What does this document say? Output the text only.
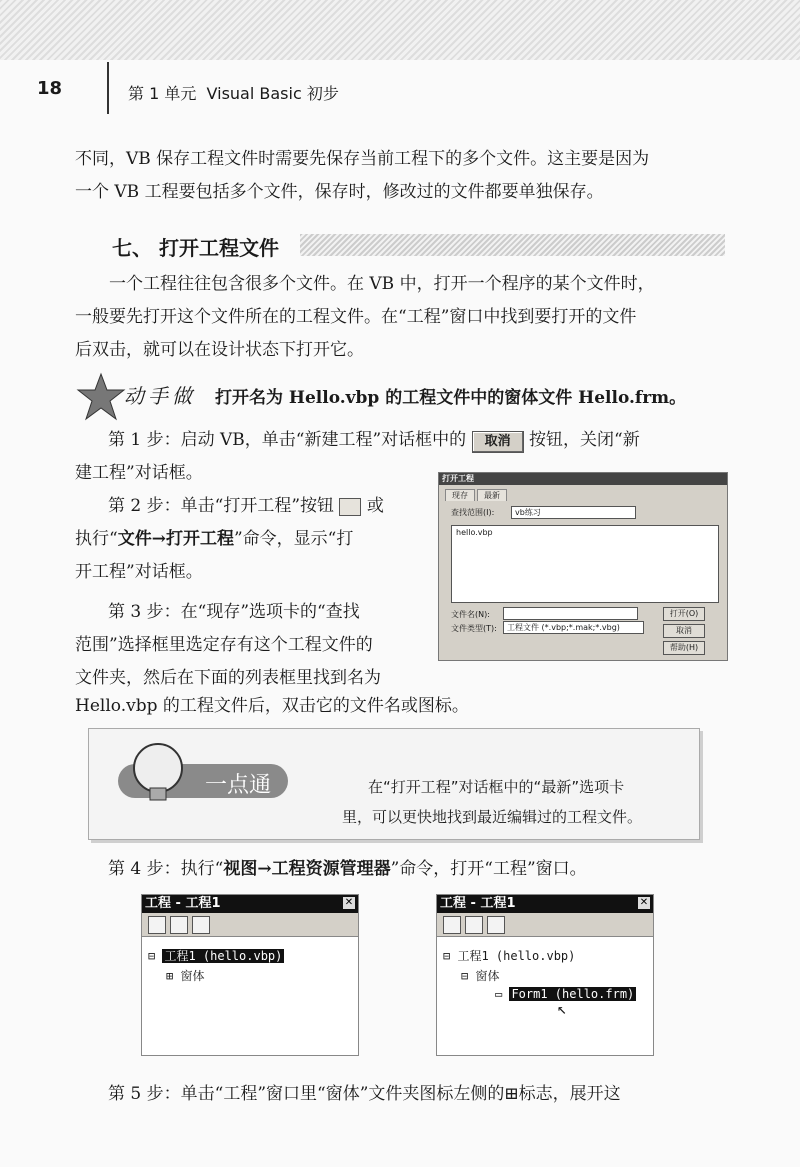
18	第 1 单元 Visual Basic 初步
不同，VB 保存工程文件时需要先保存当前工程下的多个文件。这主要是因为
一个 VB 工程要包括多个文件，保存时，修改过的文件都要单独保存。
七、 打开工程文件
一个工程往往包含很多个文件。在 VB 中，打开一个程序的某个文件时，
一般要先打开这个文件所在的工程文件。在“工程”窗口中找到要打开的文件
后双击，就可以在设计状态下打开它。
动手做 打开名为 Hello.vbp 的工程文件中的窗体文件 Hello.frm。
第 1 步：启动 VB，单击“新建工程”对话框中的 取消 按钮，关闭“新
建工程”对话框。
第 2 步：单击“打开工程”按钮 或
执行“文件→打开工程”命令，显示“打
开工程”对话框。
第 3 步：在“现存”选项卡的“查找
范围”选择框里选定存有这个工程文件的
文件夹，然后在下面的列表框里找到名为
Hello.vbp 的工程文件后，双击它的文件名或图标。
打开工程
现存 最新
查找范围(I):	vb练习
hello.vbp
文件名(N):
文件类型(T):	工程文件 (*.vbp;*.mak;*.vbg)
打开(O)
取消
帮助(H)
一点通	在“打开工程”对话框中的“最新”选项卡
里，可以更快地找到最近编辑过的工程文件。
第 4 步：执行“视图→工程资源管理器”命令，打开“工程”窗口。
工程 - 工程1	✕
⊟ 工程1 (hello.vbp)
⊞ 窗体
工程 - 工程1	✕
⊟ 工程1 (hello.vbp)
⊟ 窗体
▭ Form1 (hello.frm)
↖
第 5 步：单击“工程”窗口里“窗体”文件夹图标左侧的⊞标志，展开这
